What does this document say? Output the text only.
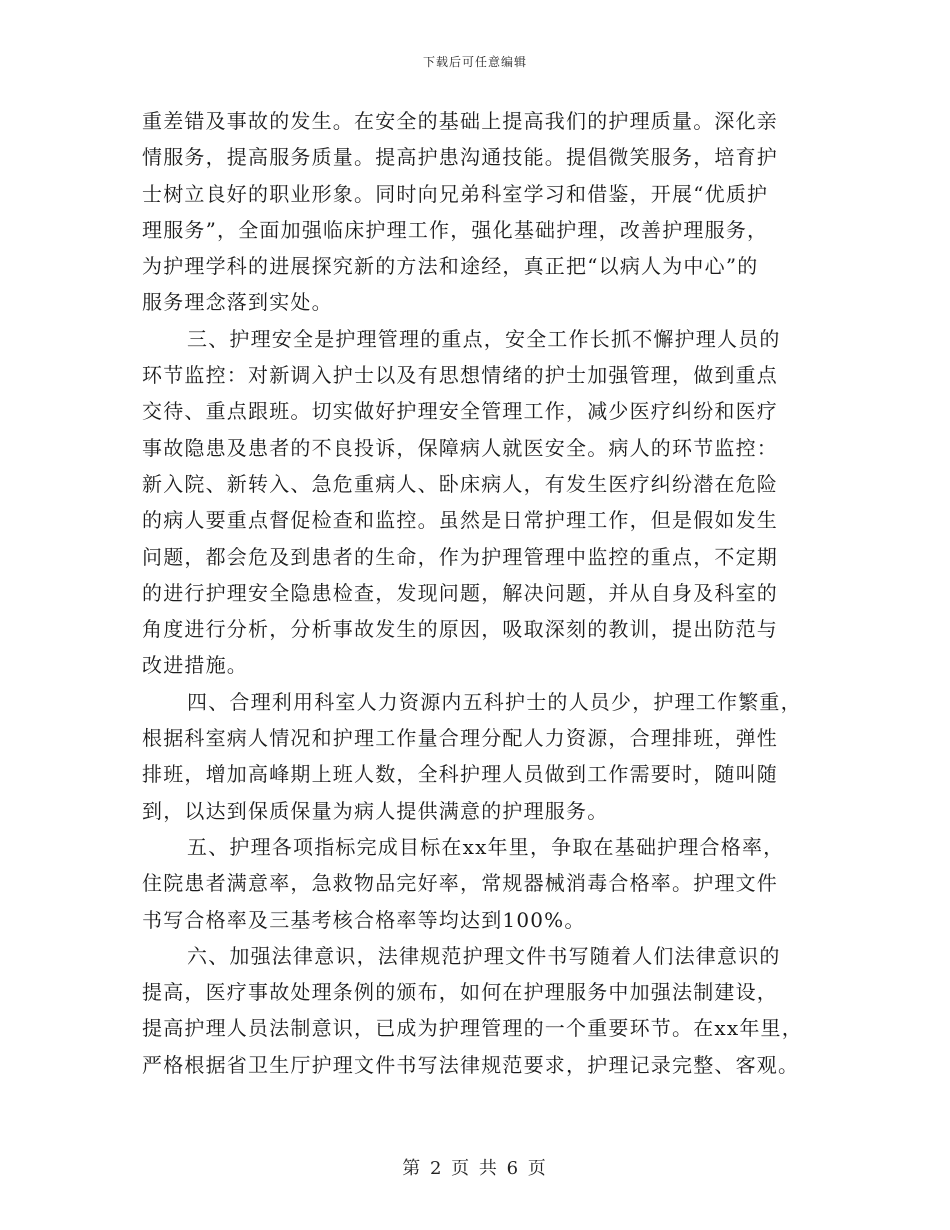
下载后可任意编辑
重差错及事故的发生。在安全的基础上提高我们的护理质量。深化亲
情服务，提高服务质量。提高护患沟通技能。提倡微笑服务，培育护
士树立良好的职业形象。同时向兄弟科室学习和借鉴，开展“优质护
理服务”，全面加强临床护理工作，强化基础护理，改善护理服务，
为护理学科的进展探究新的方法和途经，真正把“以病人为中心”的
服务理念落到实处。
三、护理安全是护理管理的重点，安全工作长抓不懈护理人员的
环节监控：对新调入护士以及有思想情绪的护士加强管理，做到重点
交待、重点跟班。切实做好护理安全管理工作，减少医疗纠纷和医疗
事故隐患及患者的不良投诉，保障病人就医安全。病人的环节监控：
新入院、新转入、急危重病人、卧床病人，有发生医疗纠纷潜在危险
的病人要重点督促检查和监控。虽然是日常护理工作，但是假如发生
问题，都会危及到患者的生命，作为护理管理中监控的重点，不定期
的进行护理安全隐患检查，发现问题，解决问题，并从自身及科室的
角度进行分析，分析事故发生的原因，吸取深刻的教训，提出防范与
改进措施。
四、合理利用科室人力资源内五科护士的人员少，护理工作繁重，
根据科室病人情况和护理工作量合理分配人力资源，合理排班，弹性
排班，增加高峰期上班人数，全科护理人员做到工作需要时，随叫随
到，以达到保质保量为病人提供满意的护理服务。
五、护理各项指标完成目标在xx年里，争取在基础护理合格率，
住院患者满意率，急救物品完好率，常规器械消毒合格率。护理文件
书写合格率及三基考核合格率等均达到100%。
六、加强法律意识，法律规范护理文件书写随着人们法律意识的
提高，医疗事故处理条例的颁布，如何在护理服务中加强法制建设，
提高护理人员法制意识，已成为护理管理的一个重要环节。在xx年里，
严格根据省卫生厅护理文件书写法律规范要求，护理记录完整、客观。
第 2 页 共 6 页
